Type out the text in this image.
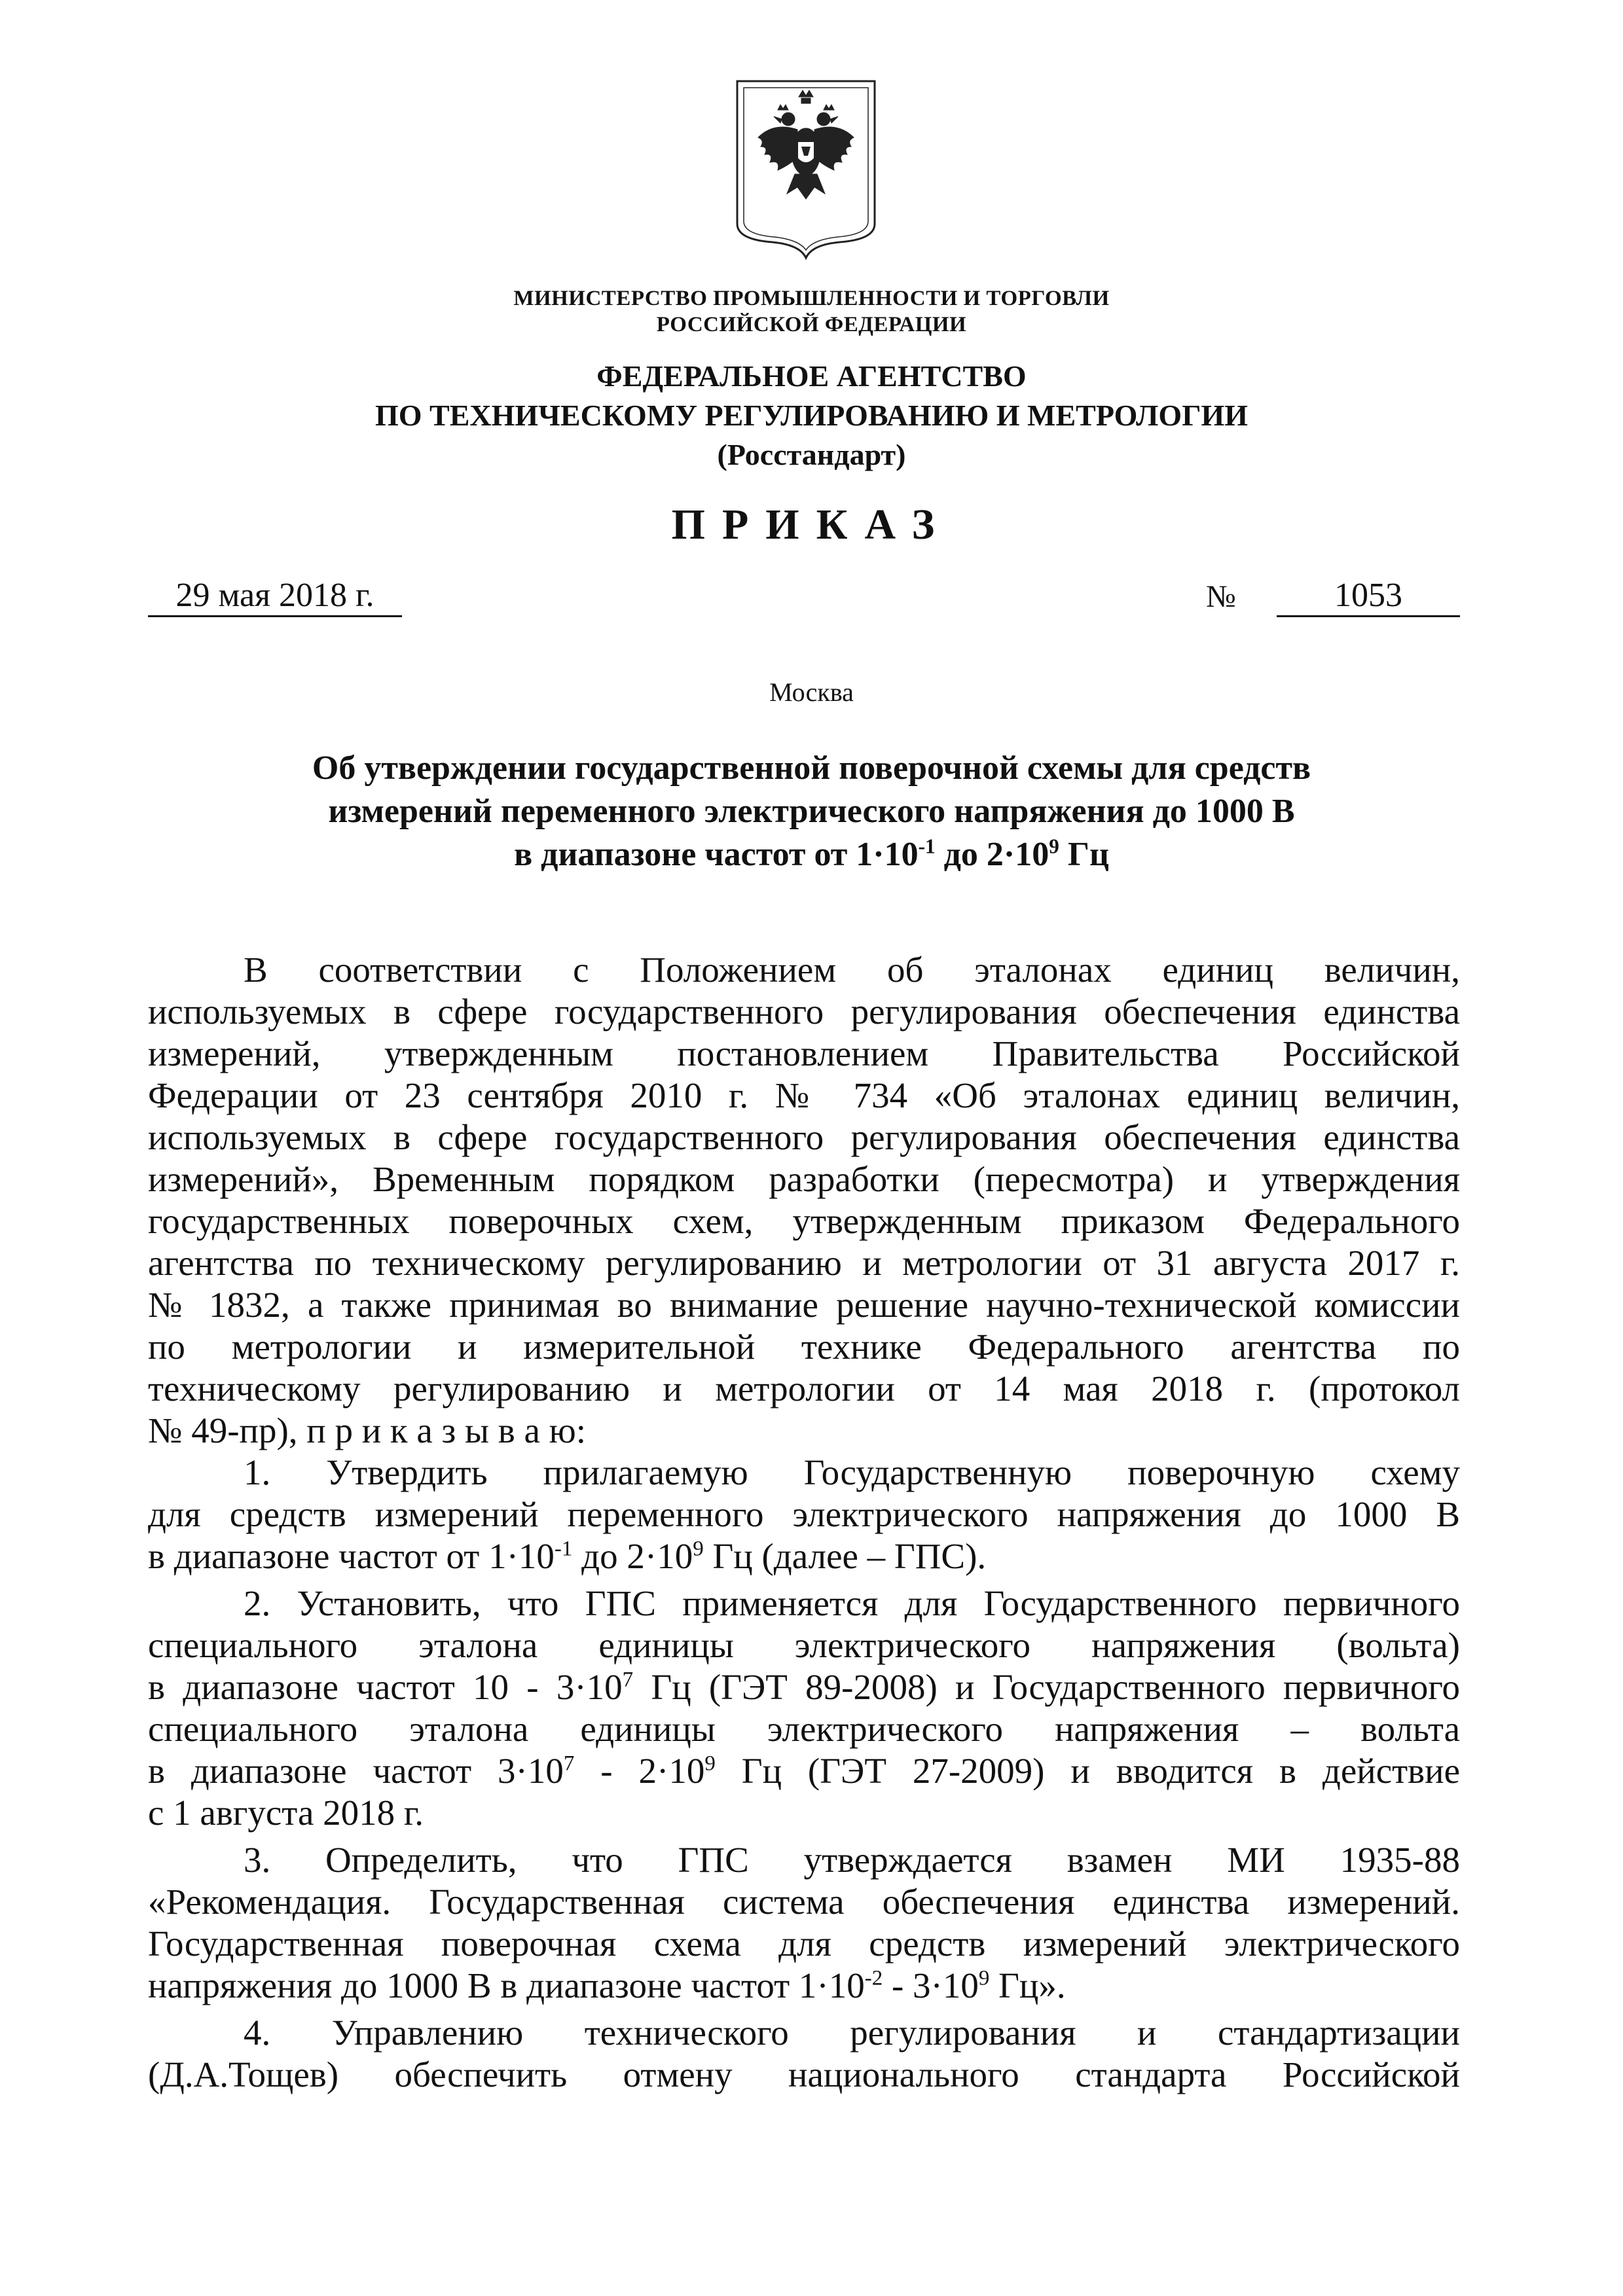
МИНИСТЕРСТВО ПРОМЫШЛЕННОСТИ И ТОРГОВЛИ
РОССИЙСКОЙ ФЕДЕРАЦИИ
ФЕДЕРАЛЬНОЕ АГЕНТСТВО
ПО ТЕХНИЧЕСКОМУ РЕГУЛИРОВАНИЮ И МЕТРОЛОГИИ
(Росстандарт)
ПРИКАЗ
29 мая 2018 г.	№	1053
Москва
Об утверждении государственной поверочной схемы для средств
измерений переменного электрического напряжения до 1000 В
в диапазоне частот от $1\cdot 10^{-1}$ до $2\cdot 10^9$ Гц
В соответствии с Положением об эталонах единиц величин,
используемых в сфере государственного регулирования обеспечения единства
измерений, утвержденным постановлением Правительства Российской
Федерации от 23 сентября 2010 г. № 734 «Об эталонах единиц величин,
используемых в сфере государственного регулирования обеспечения единства
измерений», Временным порядком разработки (пересмотра) и утверждения
государственных поверочных схем, утвержденным приказом Федерального
агентства по техническому регулированию и метрологии от 31 августа 2017 г.
№ 1832, а также принимая во внимание решение научно-технической комиссии
по метрологии и измерительной технике Федерального агентства по
техническому регулированию и метрологии от 14 мая 2018 г. (протокол
№ 49-пр), п р и к а з ы в а ю:
1. Утвердить прилагаемую Государственную поверочную схему
для средств измерений переменного электрического напряжения до 1000 В
в диапазоне частот от $1\cdot 10^{-1}$ до $2\cdot 10^9$ Гц (далее – ГПС).
2. Установить, что ГПС применяется для Государственного первичного
специального эталона единицы электрического напряжения (вольта)
в диапазоне частот $10 - 3\cdot 10^7$ Гц (ГЭТ 89-2008) и Государственного первичного
специального эталона единицы электрического напряжения – вольта
в диапазоне частот $3\cdot 10^7 - 2\cdot 10^9$ Гц (ГЭТ 27-2009) и вводится в действие
с 1 августа 2018 г.
3. Определить, что ГПС утверждается взамен МИ 1935-88
«Рекомендация. Государственная система обеспечения единства измерений.
Государственная поверочная схема для средств измерений электрического
напряжения до 1000 В в диапазоне частот $1\cdot 10^{-2} - 3\cdot 10^9$ Гц».
4. Управлению технического регулирования и стандартизации
(Д.А.Тощев) обеспечить отмену национального стандарта Российской
